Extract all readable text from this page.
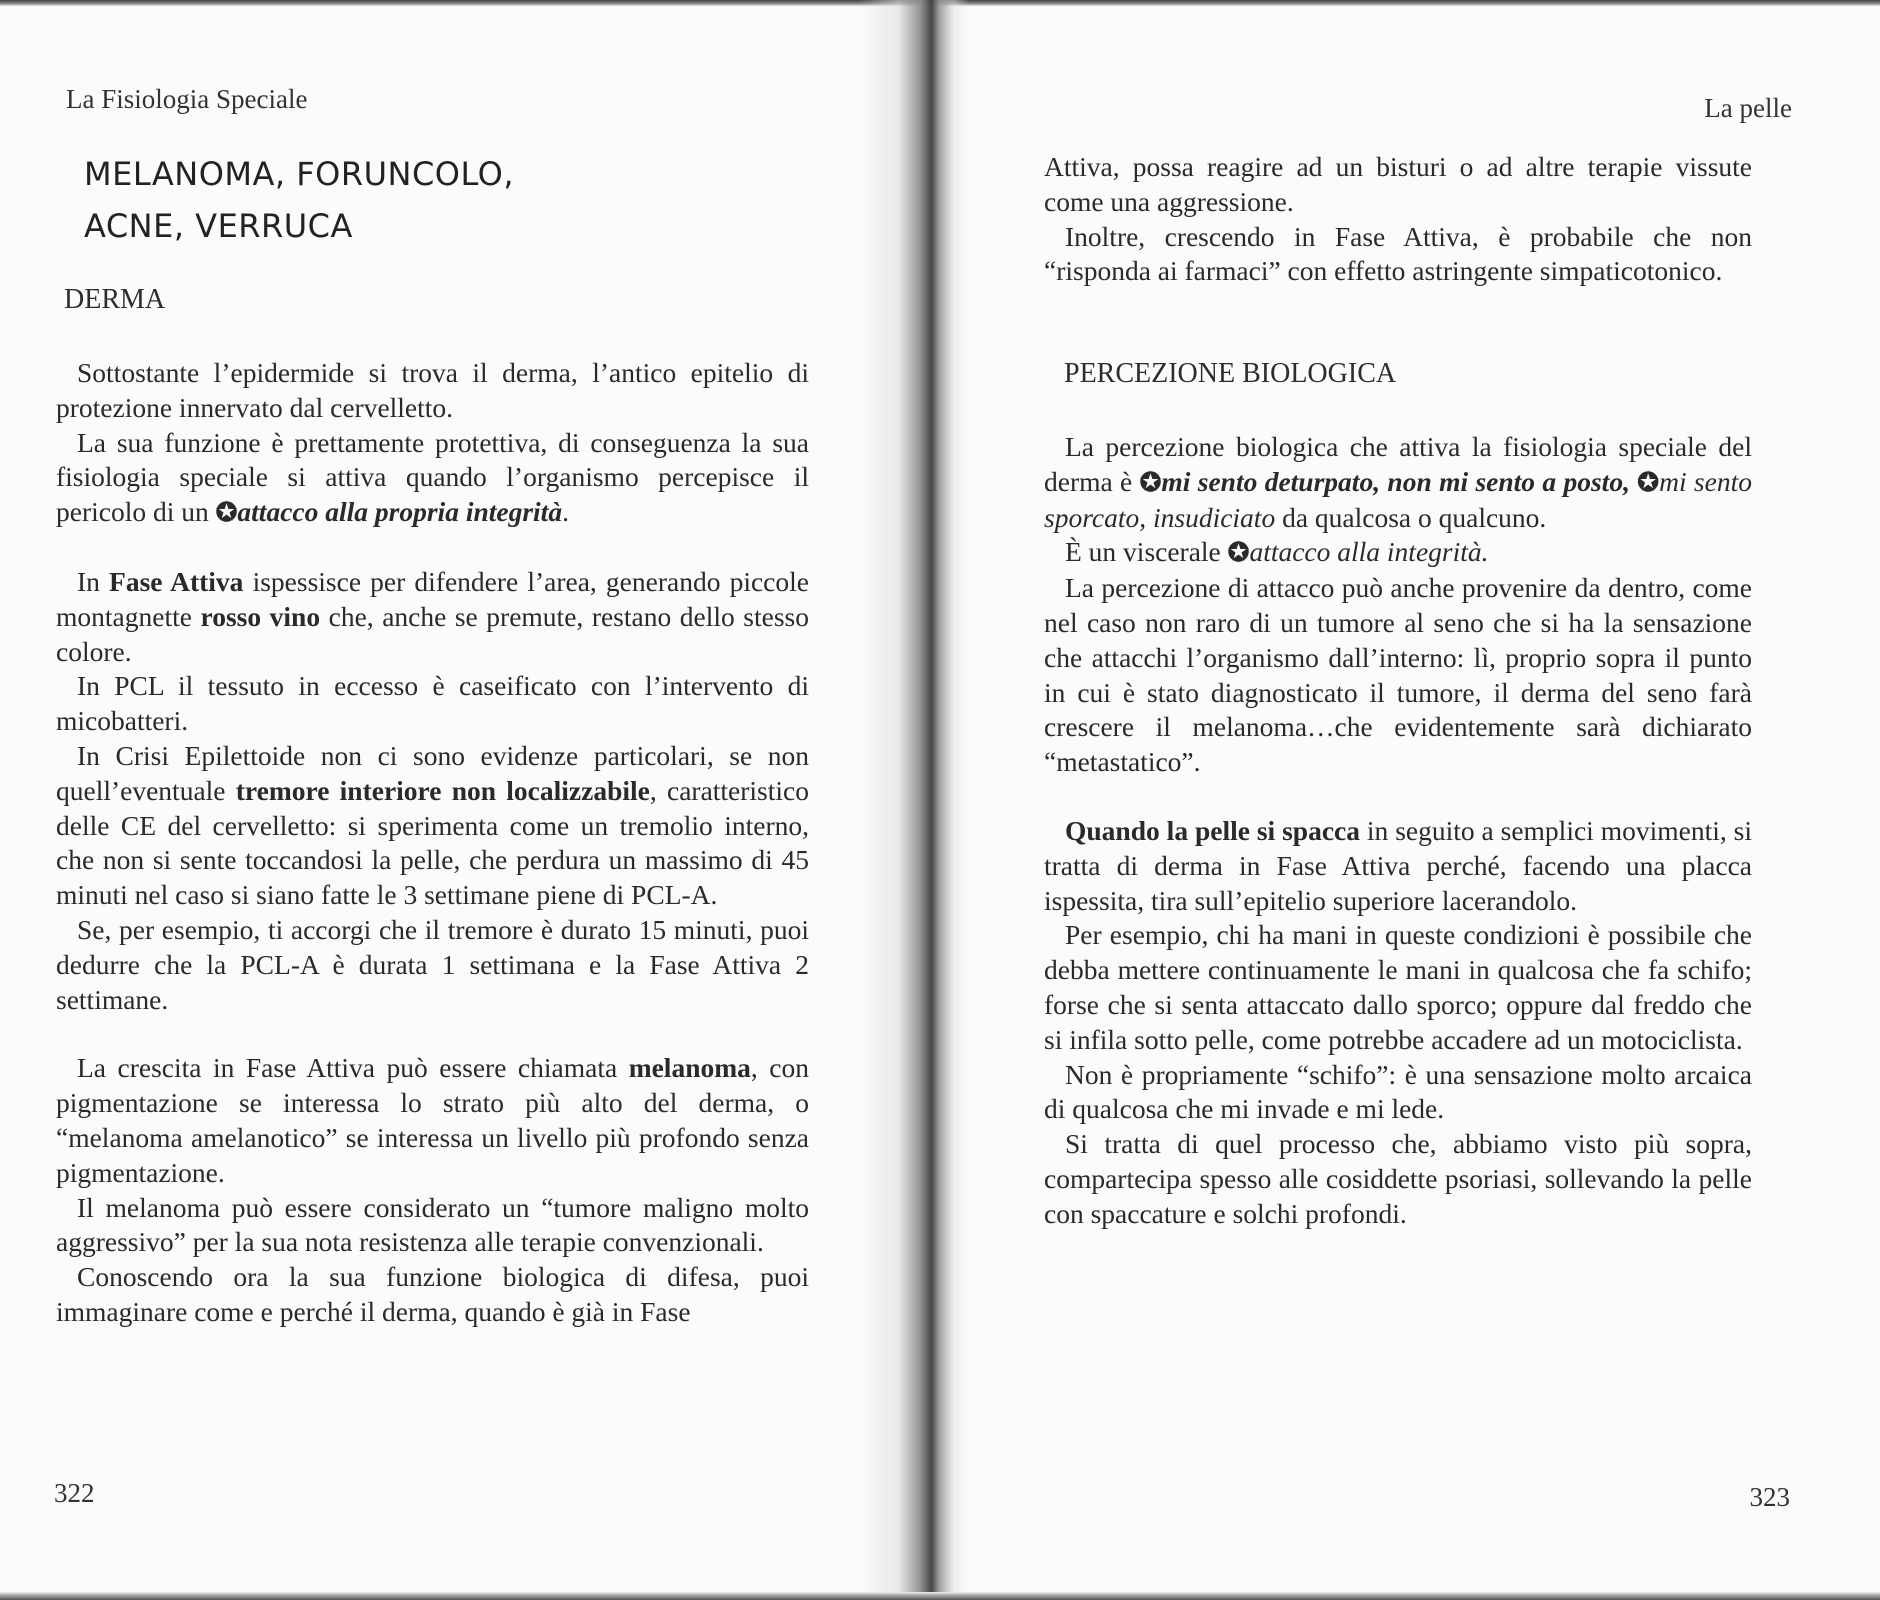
La Fisiologia Speciale
MELANOMA, FORUNCOLO,
ACNE, VERRUCA
DERMA

Sottostante l’epidermide si trova il derma, l’antico epitelio di protezione innervato dal cervelletto.

La sua funzione è prettamente protettiva, di conseguenza la sua fisiologia speciale si attiva quando l’organismo percepisce il pericolo di un ✪attacco alla propria integrità.

In Fase Attiva ispessisce per difendere l’area, generando piccole montagnette rosso vino che, anche se premute, restano dello stesso colore.

In PCL il tessuto in eccesso è caseificato con l’intervento di micobatteri.

In Crisi Epilettoide non ci sono evidenze particolari, se non quell’eventuale tremore interiore non localizzabile, caratteristico delle CE del cervelletto: si sperimenta come un tremolio interno, che non si sente toccandosi la pelle, che perdura un massimo di 45 minuti nel caso si siano fatte le 3 settimane piene di PCL-A.

Se, per esempio, ti accorgi che il tremore è durato 15 minuti, puoi dedurre che la PCL-A è durata 1 settimana e la Fase Attiva 2 settimane.

La crescita in Fase Attiva può essere chiamata melanoma, con pigmentazione se interessa lo strato più alto del derma, o “melanoma amelanotico” se interessa un livello più profondo senza pigmentazione.

Il melanoma può essere considerato un “tumore maligno molto aggressivo” per la sua nota resistenza alle terapie convenzionali.

Conoscendo ora la sua funzione biologica di difesa, puoi immaginare come e perché il derma, quando è già in Fase

322
La pelle

Attiva, possa reagire ad un bisturi o ad altre terapie vissute come una aggressione.

Inoltre, crescendo in Fase Attiva, è probabile che non “risponda ai farmaci” con effetto astringente simpaticotonico.

PERCEZIONE BIOLOGICA

La percezione biologica che attiva la fisiologia speciale del derma è ✪mi sento deturpato, non mi sento a posto, ✪mi sento sporcato, insudiciato da qualcosa o qualcuno.

È un viscerale ✪attacco alla integrità.

La percezione di attacco può anche provenire da dentro, come nel caso non raro di un tumore al seno che si ha la sensazione che attacchi l’organismo dall’interno: lì, proprio sopra il punto in cui è stato diagnosticato il tumore, il derma del seno farà crescere il melanoma…che evidentemente sarà dichiarato “metastatico”.

Quando la pelle si spacca in seguito a semplici movimenti, si tratta di derma in Fase Attiva perché, facendo una placca ispessita, tira sull’epitelio superiore lacerandolo.

Per esempio, chi ha mani in queste condizioni è possibile che debba mettere continuamente le mani in qualcosa che fa schifo; forse che si senta attaccato dallo sporco; oppure dal freddo che si infila sotto pelle, come potrebbe accadere ad un motociclista.

Non è propriamente “schifo”: è una sensazione molto arcaica di qualcosa che mi invade e mi lede.

Si tratta di quel processo che, abbiamo visto più sopra, compartecipa spesso alle cosiddette psoriasi, sollevando la pelle con spaccature e solchi profondi.

323
